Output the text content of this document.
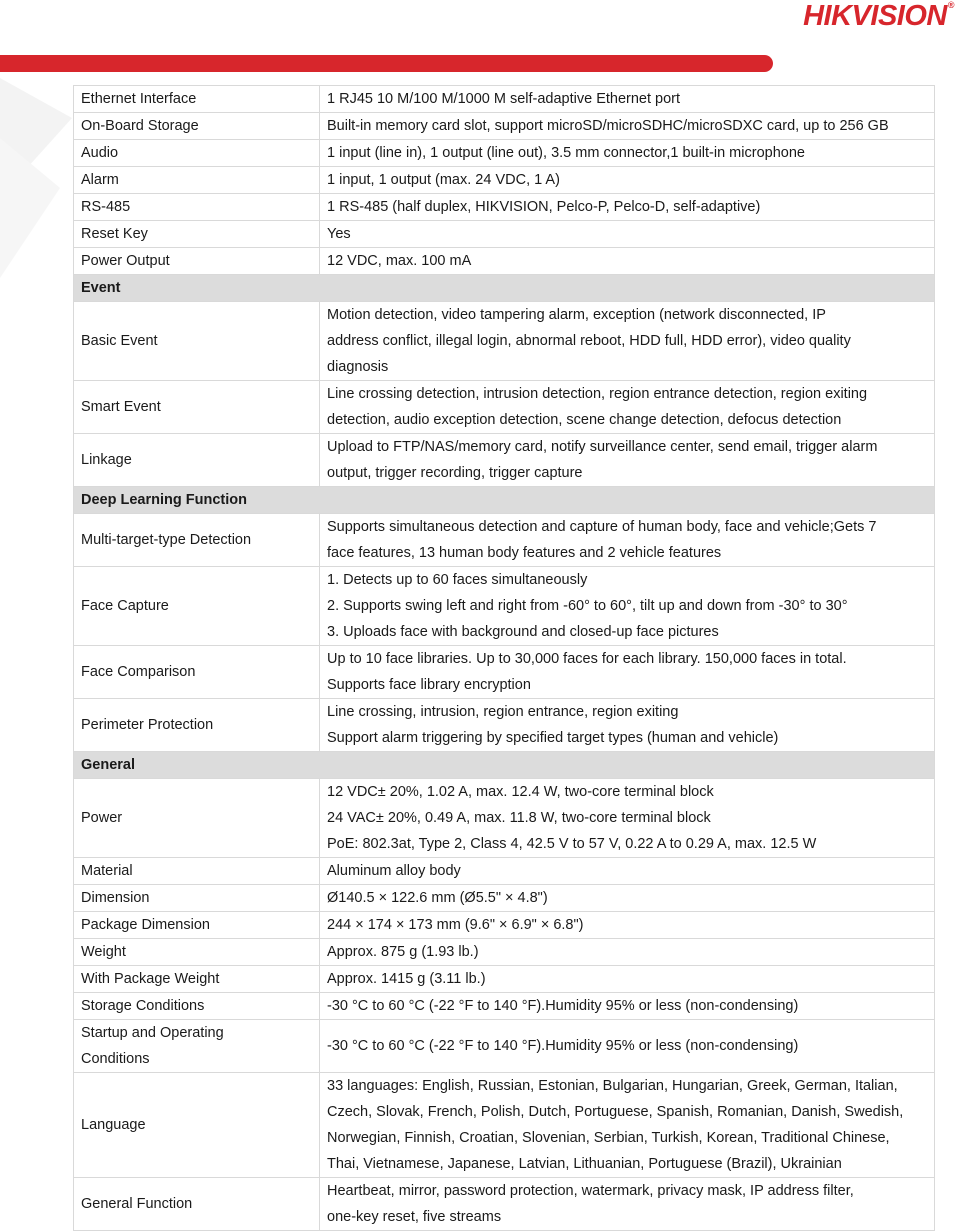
HIKVISION®
Ethernet Interface	1 RJ45 10 M/100 M/1000 M self-adaptive Ethernet port

On-Board Storage	Built-in memory card slot, support microSD/microSDHC/microSDXC card, up to 256 GB

Audio	1 input (line in), 1 output (line out), 3.5 mm connector,1 built-in microphone

Alarm	1 input, 1 output (max. 24 VDC, 1 A)

RS-485	1 RS-485 (half duplex, HIKVISION, Pelco-P, Pelco-D, self-adaptive)

Reset Key	Yes

Power Output	12 VDC, max. 100 mA

Event	
Basic Event	Motion detection, video tampering alarm, exception (network disconnected, IP
address conflict, illegal login, abnormal reboot, HDD full, HDD error), video quality
diagnosis

Smart Event	Line crossing detection, intrusion detection, region entrance detection, region exiting
detection, audio exception detection, scene change detection, defocus detection

Linkage	Upload to FTP/NAS/memory card, notify surveillance center, send email, trigger alarm
output, trigger recording, trigger capture

Deep Learning Function	
Multi-target-type Detection	Supports simultaneous detection and capture of human body, face and vehicle;Gets 7
face features, 13 human body features and 2 vehicle features

Face Capture	1. Detects up to 60 faces simultaneously
2. Supports swing left and right from -60° to 60°, tilt up and down from -30° to 30°
3. Uploads face with background and closed-up face pictures

Face Comparison	Up to 10 face libraries. Up to 30,000 faces for each library. 150,000 faces in total.
Supports face library encryption

Perimeter Protection	Line crossing, intrusion, region entrance, region exiting
Support alarm triggering by specified target types (human and vehicle)

General	
Power	12 VDC± 20%, 1.02 A, max. 12.4 W, two-core terminal block
24 VAC± 20%, 0.49 A, max. 11.8 W, two-core terminal block
PoE: 802.3at, Type 2, Class 4, 42.5 V to 57 V, 0.22 A to 0.29 A, max. 12.5 W

Material	Aluminum alloy body

Dimension	Ø140.5 × 122.6 mm (Ø5.5" × 4.8")

Package Dimension	244 × 174 × 173 mm (9.6" × 6.9" × 6.8")

Weight	Approx. 875 g (1.93 lb.)

With Package Weight	Approx. 1415 g (3.11 lb.)

Storage Conditions	-30 °C to 60 °C (-22 °F to 140 °F).Humidity 95% or less (non-condensing)

Startup and Operating
Conditions	-30 °C to 60 °C (-22 °F to 140 °F).Humidity 95% or less (non-condensing)

Language	33 languages: English, Russian, Estonian, Bulgarian, Hungarian, Greek, German, Italian,
Czech, Slovak, French, Polish, Dutch, Portuguese, Spanish, Romanian, Danish, Swedish,
Norwegian, Finnish, Croatian, Slovenian, Serbian, Turkish, Korean, Traditional Chinese,
Thai, Vietnamese, Japanese, Latvian, Lithuanian, Portuguese (Brazil), Ukrainian

General Function	Heartbeat, mirror, password protection, watermark, privacy mask, IP address filter,
one-key reset, five streams
